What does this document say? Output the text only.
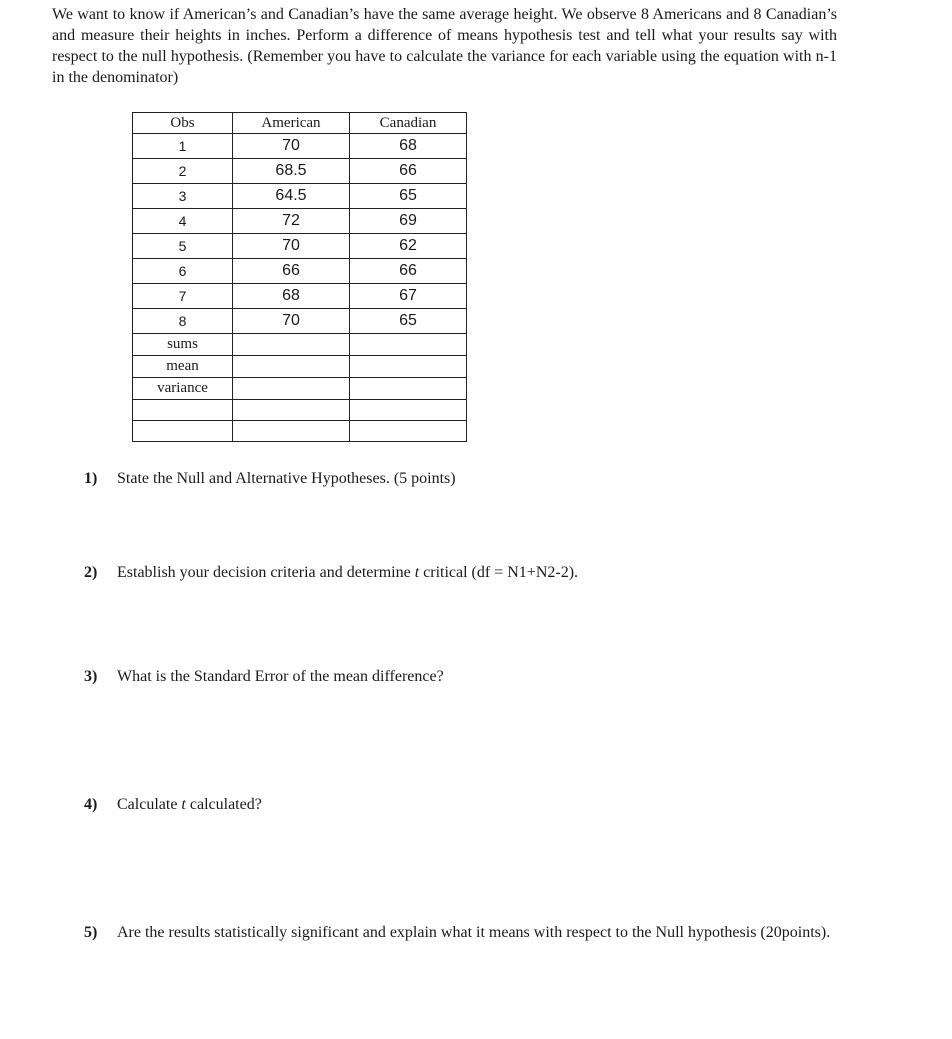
We want to know if American’s and Canadian’s have the same average height. We observe 8 Americans and 8 Canadian’s and measure their heights in inches. Perform a difference of means hypothesis test and tell what your results say with respect to the null hypothesis. (Remember you have to calculate the variance for each variable using the equation with n-1 in the denominator)

Obs	American	Canadian
1	70	68
2	68.5	66
3	64.5	65
4	72	69
5	70	62
6	66	66
7	68	67
8	70	65
sums		
mean		
variance		

1) State the Null and Alternative Hypotheses. (5 points)
2) Establish your decision criteria and determine t critical (df = N1+N2-2).
3) What is the Standard Error of the mean difference?
4) Calculate t calculated?
5) Are the results statistically significant and explain what it means with respect to the Null hypothesis (20points).
